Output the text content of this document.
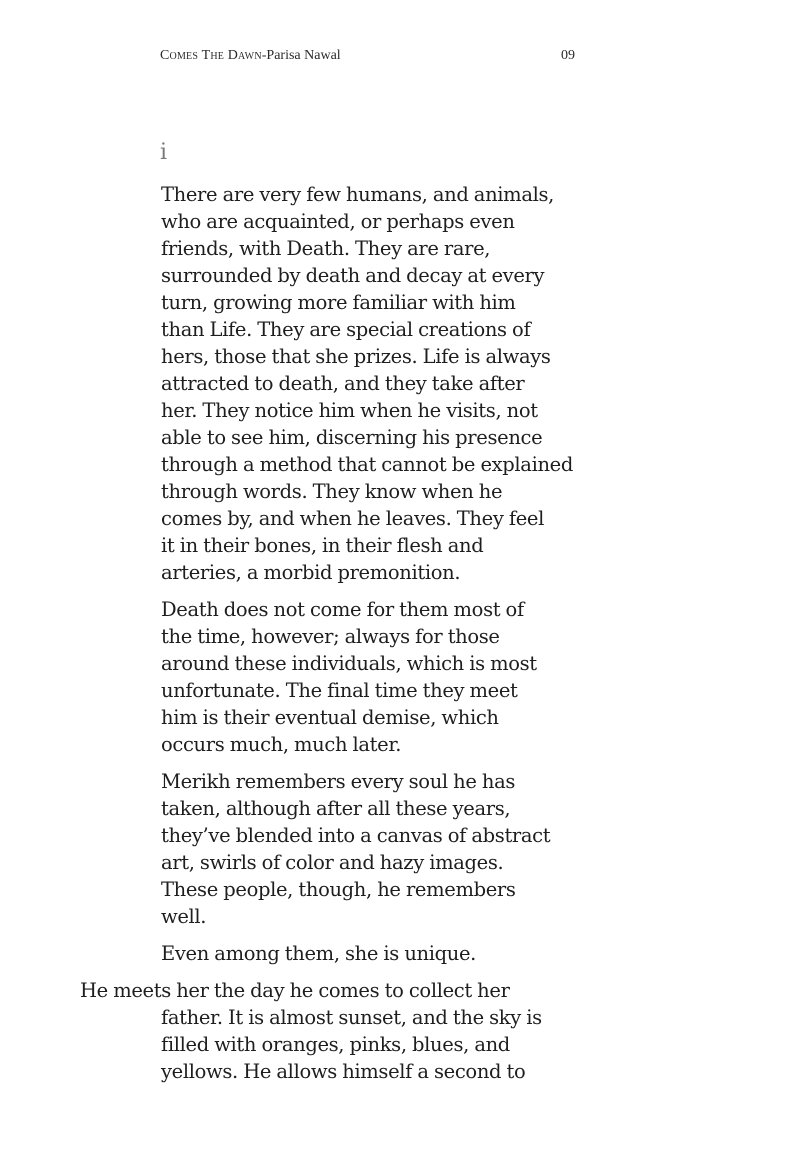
Comes The Dawn-Parisa Nawal	09
i

There are very few humans, and animals,
who are acquainted, or perhaps even
friends, with Death. They are rare,
surrounded by death and decay at every
turn, growing more familiar with him
than Life. They are special creations of
hers, those that she prizes. Life is always
attracted to death, and they take after
her. They notice him when he visits, not
able to see him, discerning his presence
through a method that cannot be explained
through words. They know when he
comes by, and when he leaves. They feel
it in their bones, in their flesh and
arteries, a morbid premonition.

Death does not come for them most of
the time, however; always for those
around these individuals, which is most
unfortunate. The final time they meet
him is their eventual demise, which
occurs much, much later.

Merikh remembers every soul he has
taken, although after all these years,
they’ve blended into a canvas of abstract
art, swirls of color and hazy images.
These people, though, he remembers
well.

Even among them, she is unique.

He meets her the day he comes to collect her
father. It is almost sunset, and the sky is
filled with oranges, pinks, blues, and
yellows. He allows himself a second to
